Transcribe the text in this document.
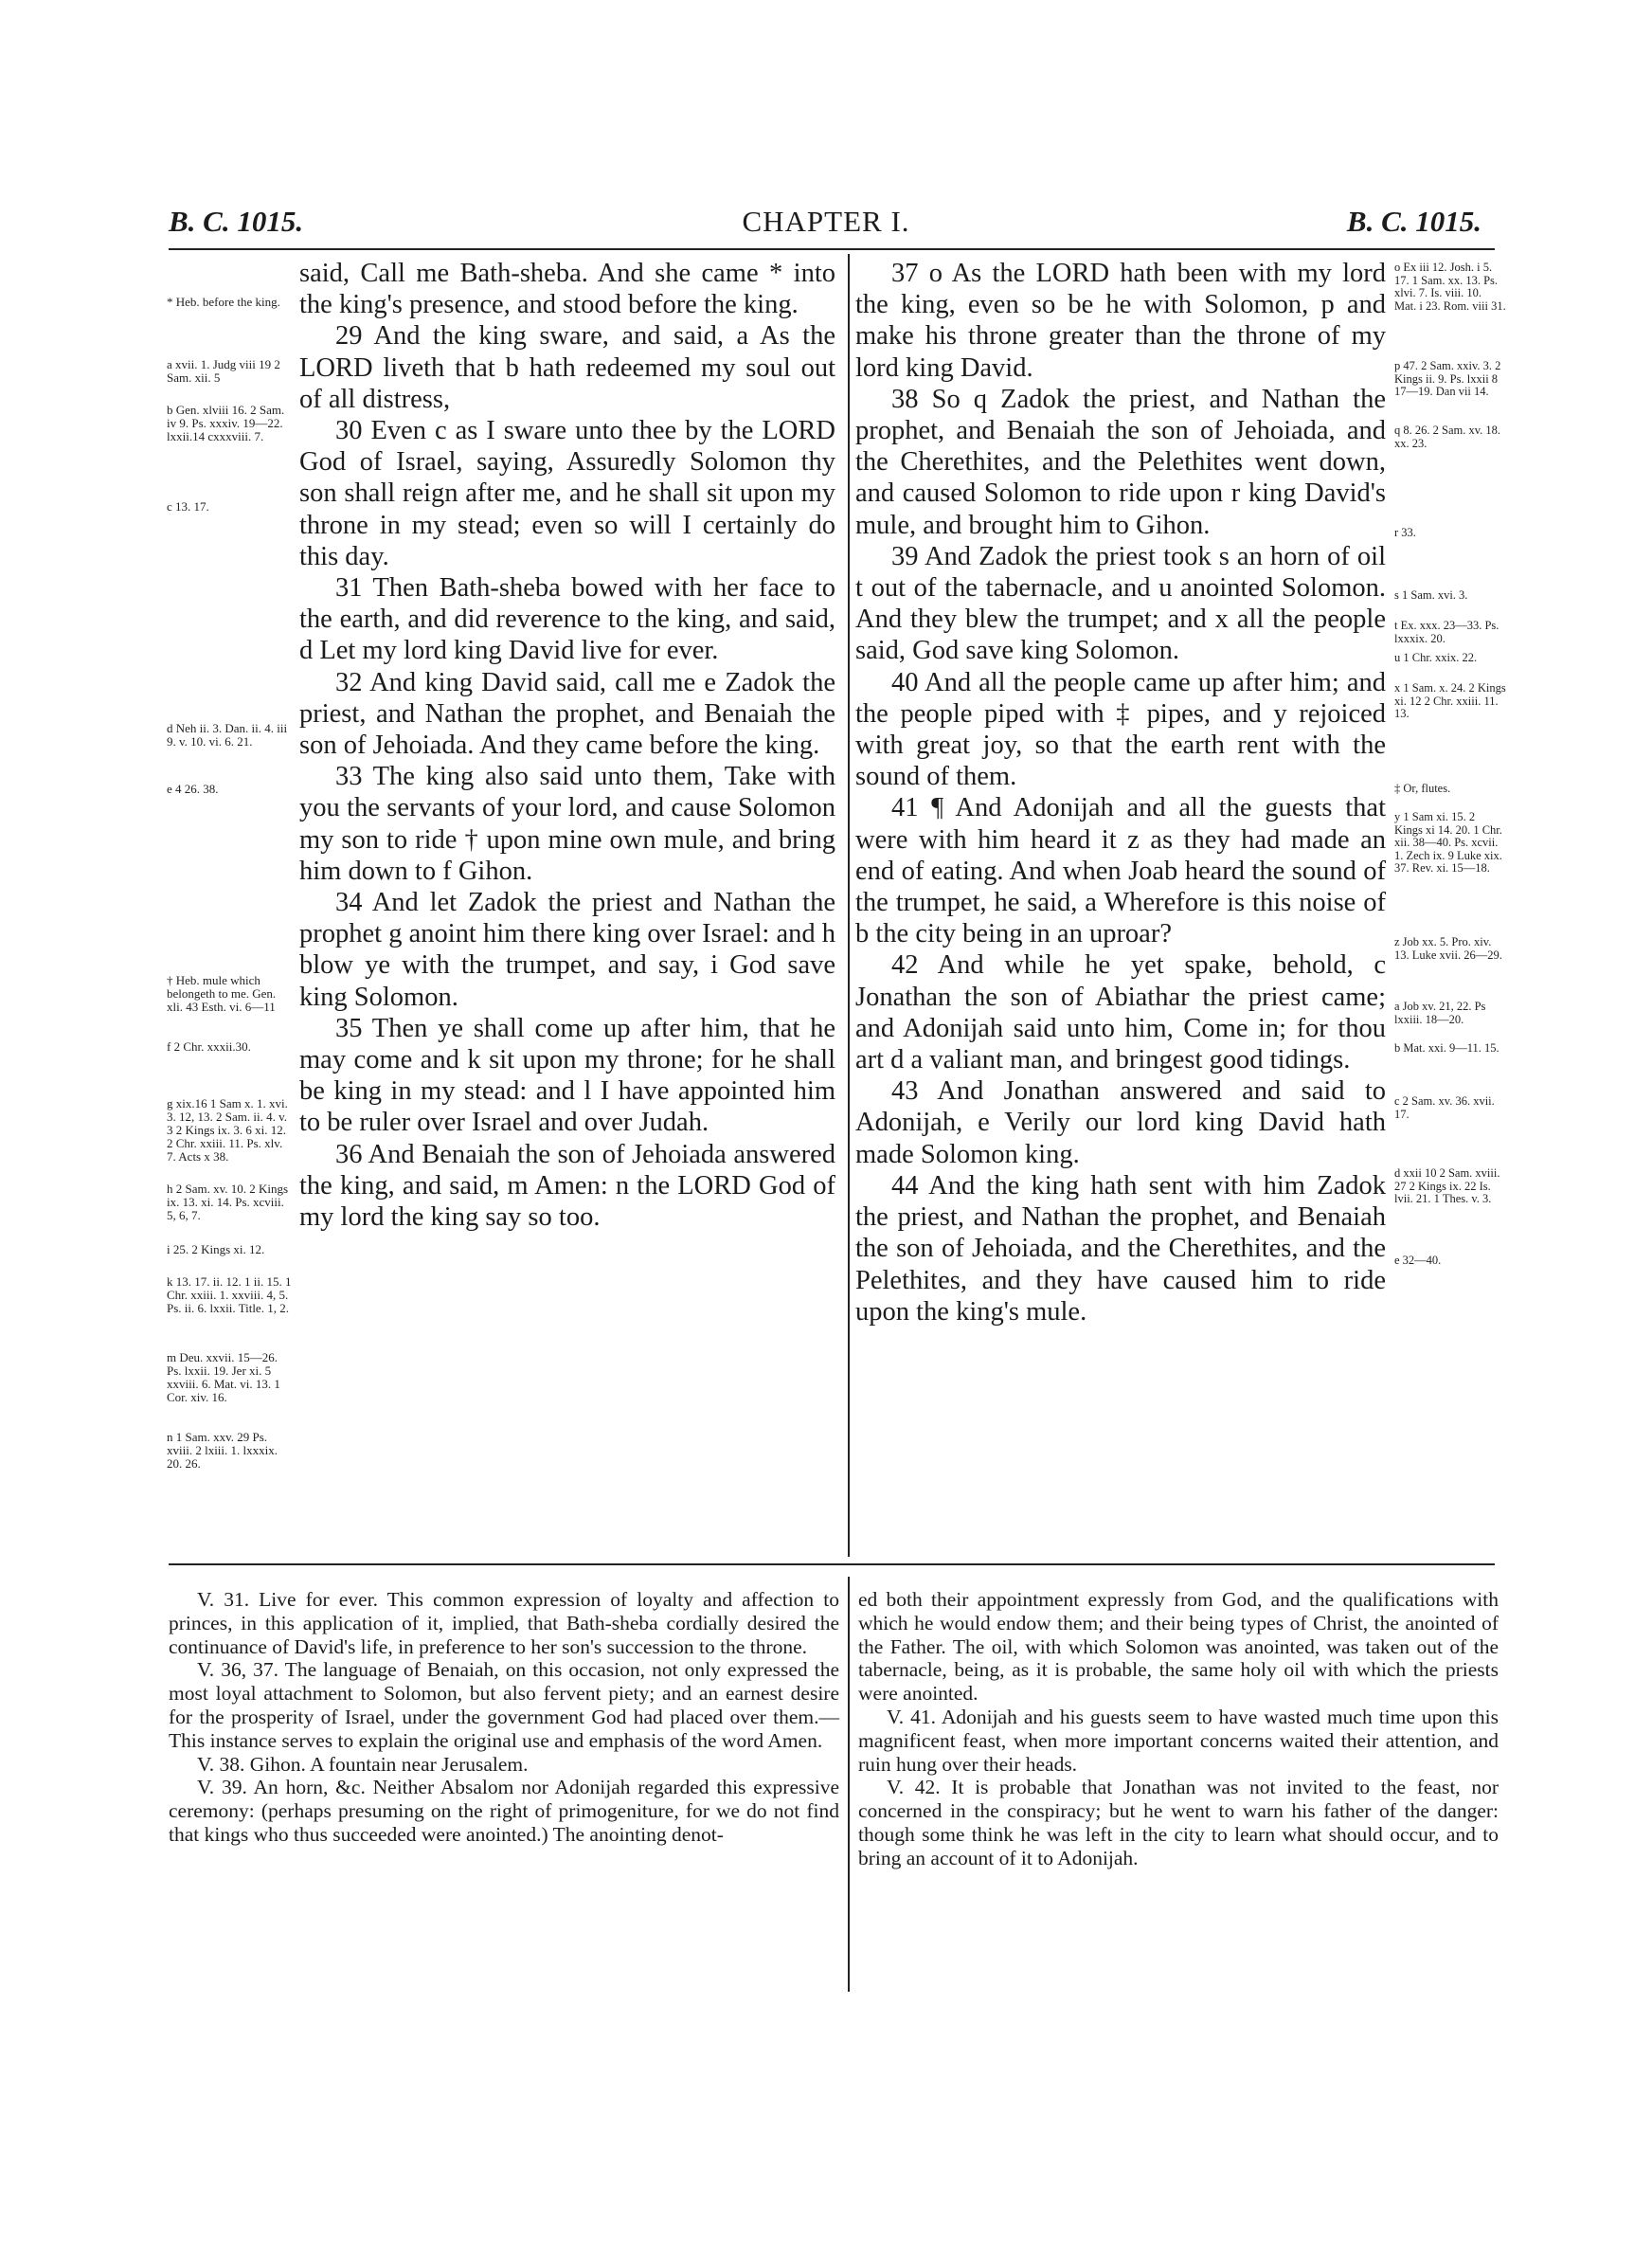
B. C. 1015.	CHAPTER I.	B. C. 1015.

said, Call me Bath-sheba. And she came * into the king's presence, and stood before the king.

29 And the king sware, and said, a As the LORD liveth that b hath redeemed my soul out of all distress,

30 Even c as I sware unto thee by the LORD God of Israel, saying, Assuredly Solomon thy son shall reign after me, and he shall sit upon my throne in my stead; even so will I certainly do this day.

31 Then Bath-sheba bowed with her face to the earth, and did reverence to the king, and said, d Let my lord king David live for ever.

32 And king David said, call me e Zadok the priest, and Nathan the prophet, and Benaiah the son of Jehoiada. And they came before the king.

33 The king also said unto them, Take with you the servants of your lord, and cause Solomon my son to ride † upon mine own mule, and bring him down to f Gihon.

34 And let Zadok the priest and Nathan the prophet g anoint him there king over Israel: and h blow ye with the trumpet, and say, i God save king Solomon.

35 Then ye shall come up after him, that he may come and k sit upon my throne; for he shall be king in my stead: and l I have appointed him to be ruler over Israel and over Judah.

36 And Benaiah the son of Jehoiada answered the king, and said, m Amen: n the LORD God of my lord the king say so too.

* Heb. before the king.
a xvii. 1. Judg viii 19 2 Sam. xii. 5
b Gen. xlviii 16. 2 Sam. iv 9. Ps. xxxiv. 19—22. lxxii.14 cxxxviii. 7.
c 13. 17.
d Neh ii. 3. Dan. ii. 4. iii 9. v. 10. vi. 6. 21.
e 4 26. 38.
† Heb. mule which belongeth to me. Gen. xli. 43 Esth. vi. 6—11
f 2 Chr. xxxii.30.
g xix.16 1 Sam x. 1. xvi. 3. 12, 13. 2 Sam. ii. 4. v. 3 2 Kings ix. 3. 6 xi. 12. 2 Chr. xxiii. 11. Ps. xlv. 7. Acts x 38.
h 2 Sam. xv. 10. 2 Kings ix. 13. xi. 14. Ps. xcviii. 5, 6, 7.
i 25. 2 Kings xi. 12.
k 13. 17. ii. 12. 1 ii. 15. 1 Chr. xxiii. 1. xxviii. 4, 5. Ps. ii. 6. lxxii. Title. 1, 2.
m Deu. xxvii. 15—26. Ps. lxxii. 19. Jer xi. 5 xxviii. 6. Mat. vi. 13. 1 Cor. xiv. 16.
n 1 Sam. xxv. 29 Ps. xviii. 2 lxiii. 1. lxxxix. 20. 26.

37 o As the LORD hath been with my lord the king, even so be he with Solomon, p and make his throne greater than the throne of my lord king David.

38 So q Zadok the priest, and Nathan the prophet, and Benaiah the son of Jehoiada, and the Cherethites, and the Pelethites went down, and caused Solomon to ride upon r king David's mule, and brought him to Gihon.

39 And Zadok the priest took s an horn of oil t out of the tabernacle, and u anointed Solomon. And they blew the trumpet; and x all the people said, God save king Solomon.

40 And all the people came up after him; and the people piped with ‡ pipes, and y rejoiced with great joy, so that the earth rent with the sound of them.

41 ¶ And Adonijah and all the guests that were with him heard it z as they had made an end of eating. And when Joab heard the sound of the trumpet, he said, a Wherefore is this noise of b the city being in an uproar?

42 And while he yet spake, behold, c Jonathan the son of Abiathar the priest came; and Adonijah said unto him, Come in; for thou art d a valiant man, and bringest good tidings.

43 And Jonathan answered and said to Adonijah, e Verily our lord king David hath made Solomon king.

44 And the king hath sent with him Zadok the priest, and Nathan the prophet, and Benaiah the son of Jehoiada, and the Cherethites, and the Pelethites, and they have caused him to ride upon the king's mule.

o Ex iii 12. Josh. i 5. 17. 1 Sam. xx. 13. Ps. xlvi. 7. Is. viii. 10. Mat. i 23. Rom. viii 31.
p 47. 2 Sam. xxiv. 3. 2 Kings ii. 9. Ps. lxxii 8 17—19. Dan vii 14.
q 8. 26. 2 Sam. xv. 18. xx. 23.
r 33.
s 1 Sam. xvi. 3.
t Ex. xxx. 23—33. Ps. lxxxix. 20.
u 1 Chr. xxix. 22.
x 1 Sam. x. 24. 2 Kings xi. 12 2 Chr. xxiii. 11. 13.
‡ Or, flutes.
y 1 Sam xi. 15. 2 Kings xi 14. 20. 1 Chr. xii. 38—40. Ps. xcvii. 1. Zech ix. 9 Luke xix. 37. Rev. xi. 15—18.
z Job xx. 5. Pro. xiv. 13. Luke xvii. 26—29.
a Job xv. 21, 22. Ps lxxiii. 18—20.
b Mat. xxi. 9—11. 15.
c 2 Sam. xv. 36. xvii. 17.
d xxii 10 2 Sam. xviii. 27 2 Kings ix. 22 Is. lvii. 21. 1 Thes. v. 3.
e 32—40.

V. 31. Live for ever. This common expression of loyalty and affection to princes, in this application of it, implied, that Bath-sheba cordially desired the continuance of David's life, in preference to her son's succession to the throne.

V. 36, 37. The language of Benaiah, on this occasion, not only expressed the most loyal attachment to Solomon, but also fervent piety; and an earnest desire for the prosperity of Israel, under the government God had placed over them.—This instance serves to explain the original use and emphasis of the word Amen.

V. 38. Gihon. A fountain near Jerusalem.

V. 39. An horn, &c. Neither Absalom nor Adonijah regarded this expressive ceremony: (perhaps presuming on the right of primogeniture, for we do not find that kings who thus succeeded were anointed.) The anointing denot-

ed both their appointment expressly from God, and the qualifications with which he would endow them; and their being types of Christ, the anointed of the Father. The oil, with which Solomon was anointed, was taken out of the tabernacle, being, as it is probable, the same holy oil with which the priests were anointed.

V. 41. Adonijah and his guests seem to have wasted much time upon this magnificent feast, when more important concerns waited their attention, and ruin hung over their heads.

V. 42. It is probable that Jonathan was not invited to the feast, nor concerned in the conspiracy; but he went to warn his father of the danger: though some think he was left in the city to learn what should occur, and to bring an account of it to Adonijah.
